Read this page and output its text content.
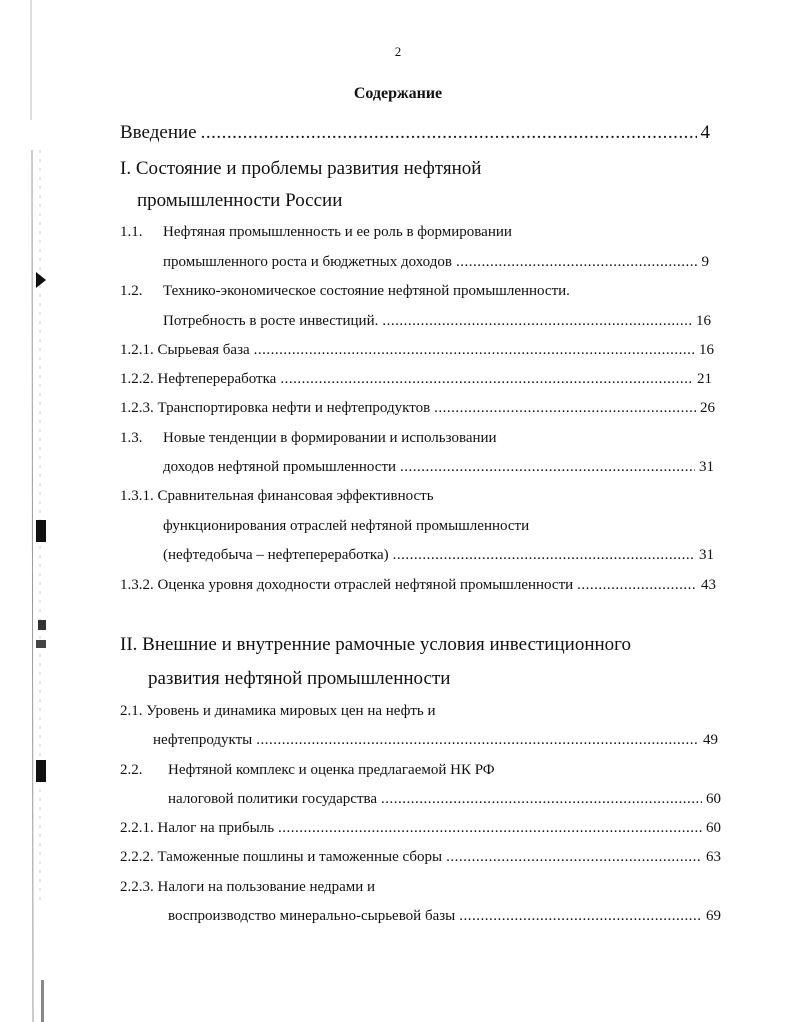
2
Содержание
Введение .....	4
I. Состояние и проблемы развития нефтяной
промышленности России
1.1.	Нефтяная промышленность и ее роль в формировании
промышленного роста и бюджетных доходов .....	9
1.2.	Технико-экономическое состояние нефтяной промышленности.
Потребность в росте инвестиций. .....	16
1.2.1. Сырьевая база .....	16
1.2.2. Нефтепереработка .....	21
1.2.3. Транспортировка нефти и нефтепродуктов .....	26
1.3.	Новые тенденции в формировании и использовании
доходов нефтяной промышленности .....	31
1.3.1.
Сравнительная финансовая эффективность
функционирования отраслей нефтяной промышленности
(нефтедобыча – нефтепереработка) .....	31
1.3.2. Оценка уровня доходности отраслей нефтяной промышленности .....	43
II. Внешние и внутренние рамочные условия инвестиционного
развития нефтяной промышленности
2.1.
Уровень и динамика мировых цен на нефть и
нефтепродукты .....	49
2.2.	Нефтяной комплекс и оценка предлагаемой НК РФ
налоговой политики государства .....	60
2.2.1. Налог на прибыль .....	60
2.2.2. Таможенные пошлины и таможенные сборы .....	63
2.2.3.
Налоги на пользование недрами и
воспроизводство минерально-сырьевой базы .....	69
